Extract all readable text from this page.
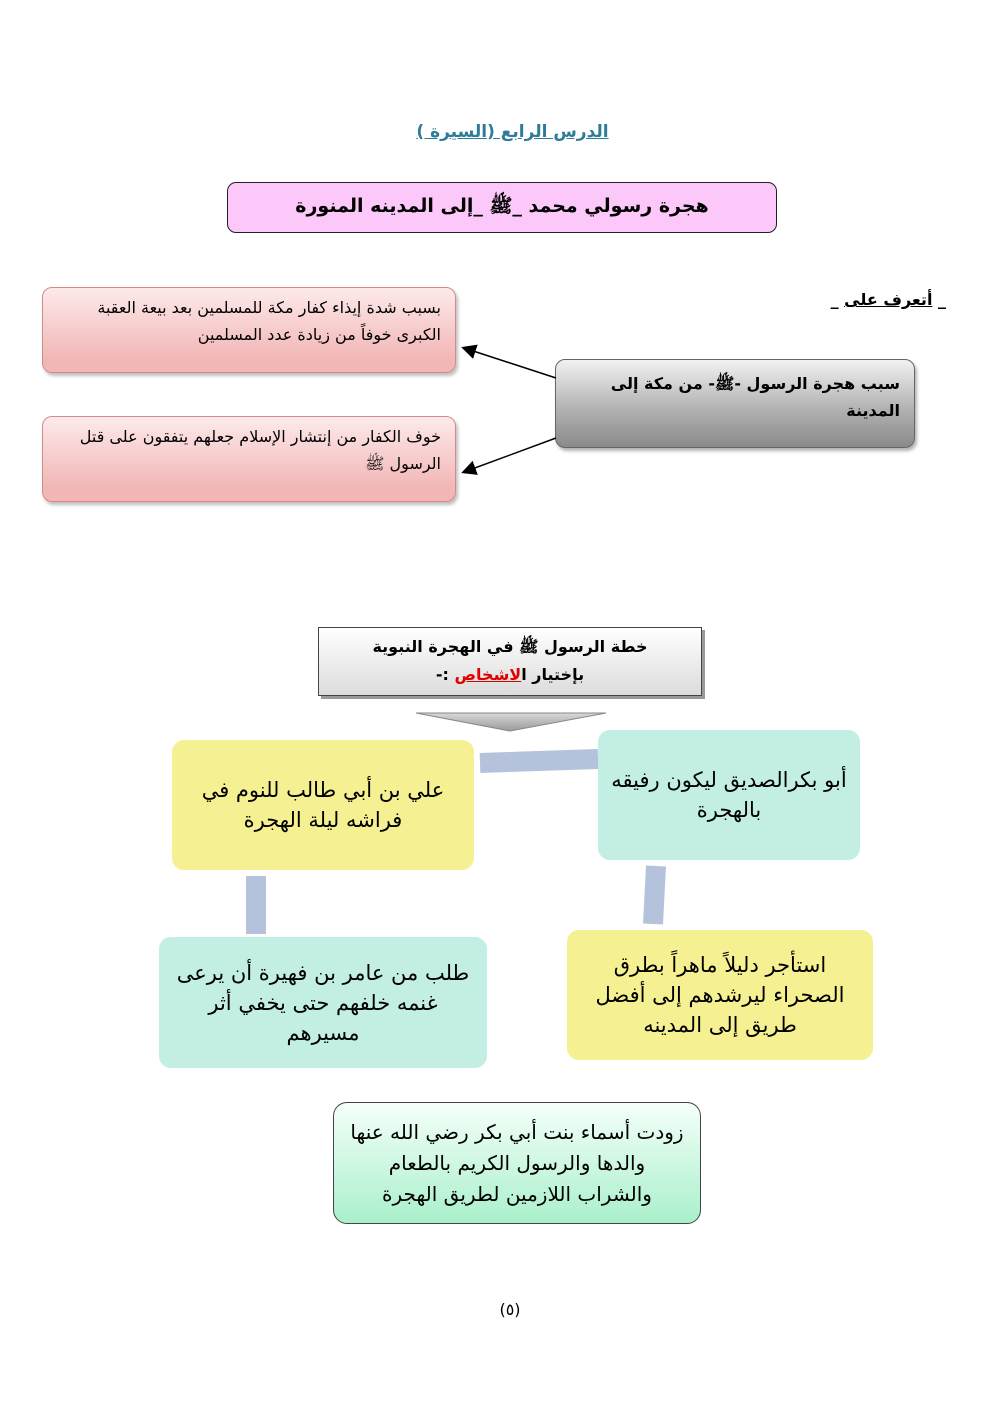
الدرس الرابع (السيرة )
هجرة رسولي محمد _ﷺ _إلى المدينه المنورة
_ أتعرف على _
بسبب شدة إيذاء كفار مكة للمسلمين بعد بيعة العقبة الكبرى خوفاً من زيادة عدد المسلمين
خوف الكفار من إنتشار الإسلام جعلهم يتفقون على قتل الرسول ﷺ
سبب هجرة الرسول -ﷺ- من مكة إلى المدينة
خطة الرسول ﷺ في الهجرة النبوية
بإختيار الاشخاص :-
أبو بكرالصديق ليكون رفيقه بالهجرة
علي بن أبي طالب للنوم في فراشه ليلة الهجرة
استأجر دليلاً ماهراً بطرق الصحراء ليرشدهم إلى أفضل طريق إلى المدينه
طلب من عامر بن فهيرة أن يرعى غنمه خلفهم حتى يخفي أثر مسيرهم
زودت أسماء بنت أبي بكر رضي الله عنها والدها والرسول الكريم بالطعام والشراب اللازمين لطريق الهجرة
(٥)
